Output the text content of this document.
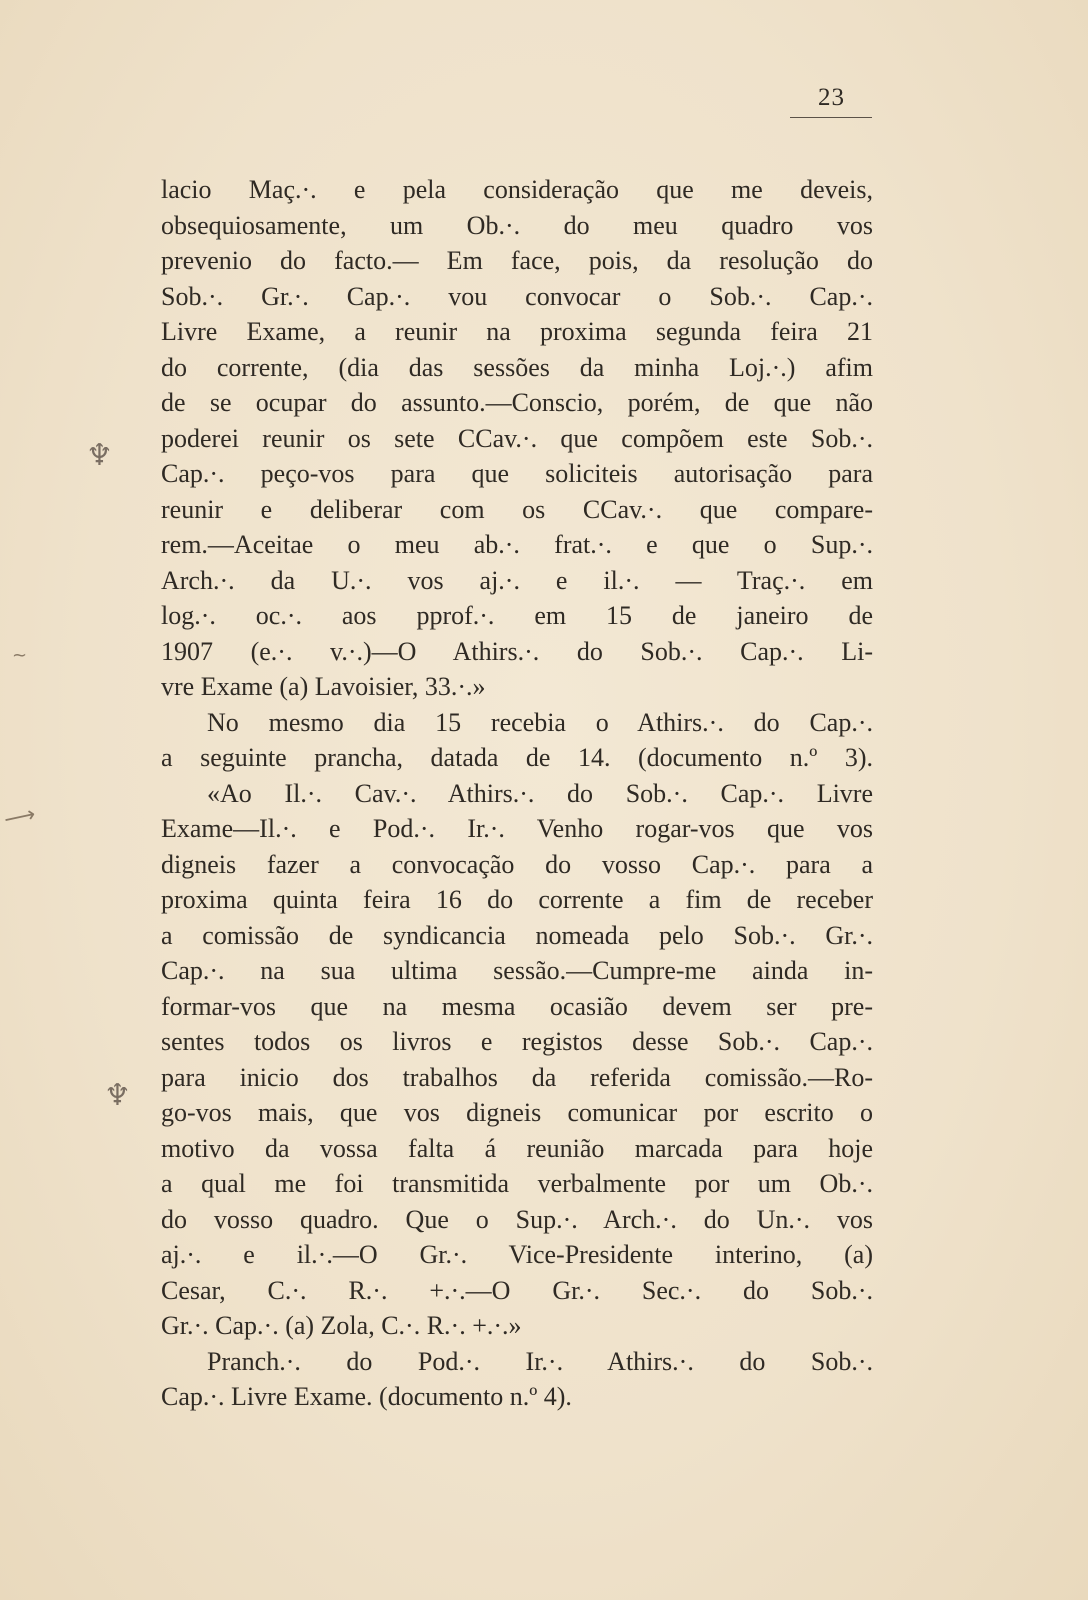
23
♆
~
⟶
♆
lacio Maç.·. e pela consideração que me deveis,
obsequiosamente, um Ob.·. do meu quadro vos
prevenio do facto.— Em face, pois, da resolução do
Sob.·. Gr.·. Cap.·. vou convocar o Sob.·. Cap.·.
Livre Exame, a reunir na proxima segunda feira 21
do corrente, (dia das sessões da minha Loj.·.) afim
de se ocupar do assunto.—Conscio, porém, de que não
poderei reunir os sete CCav.·. que compõem este Sob.·.
Cap.·. peço-vos para que soliciteis autorisação para
reunir e deliberar com os CCav.·. que compare-
rem.—Aceitae o meu ab.·. frat.·. e que o Sup.·.
Arch.·. da U.·. vos aj.·. e il.·. — Traç.·. em
log.·. oc.·. aos pprof.·. em 15 de janeiro de
1907 (e.·. v.·.)—O Athirs.·. do Sob.·. Cap.·. Li-
vre Exame (a) Lavoisier, 33.·.»
No mesmo dia 15 recebia o Athirs.·. do Cap.·.
a seguinte prancha, datada de 14. (documento n.º 3).
«Ao Il.·. Cav.·. Athirs.·. do Sob.·. Cap.·. Livre
Exame—Il.·. e Pod.·. Ir.·. Venho rogar-vos que vos
digneis fazer a convocação do vosso Cap.·. para a
proxima quinta feira 16 do corrente a fim de receber
a comissão de syndicancia nomeada pelo Sob.·. Gr.·.
Cap.·. na sua ultima sessão.—Cumpre-me ainda in-
formar-vos que na mesma ocasião devem ser pre-
sentes todos os livros e registos desse Sob.·. Cap.·.
para inicio dos trabalhos da referida comissão.—Ro-
go-vos mais, que vos digneis comunicar por escrito o
motivo da vossa falta á reunião marcada para hoje
a qual me foi transmitida verbalmente por um Ob.·.
do vosso quadro. Que o Sup.·. Arch.·. do Un.·. vos
aj.·. e il.·.—O Gr.·. Vice-Presidente interino, (a)
Cesar, C.·. R.·. +.·.—O Gr.·. Sec.·. do Sob.·.
Gr.·. Cap.·. (a) Zola, C.·. R.·. +.·.»
Pranch.·. do Pod.·. Ir.·. Athirs.·. do Sob.·.
Cap.·. Livre Exame. (documento n.º 4).
